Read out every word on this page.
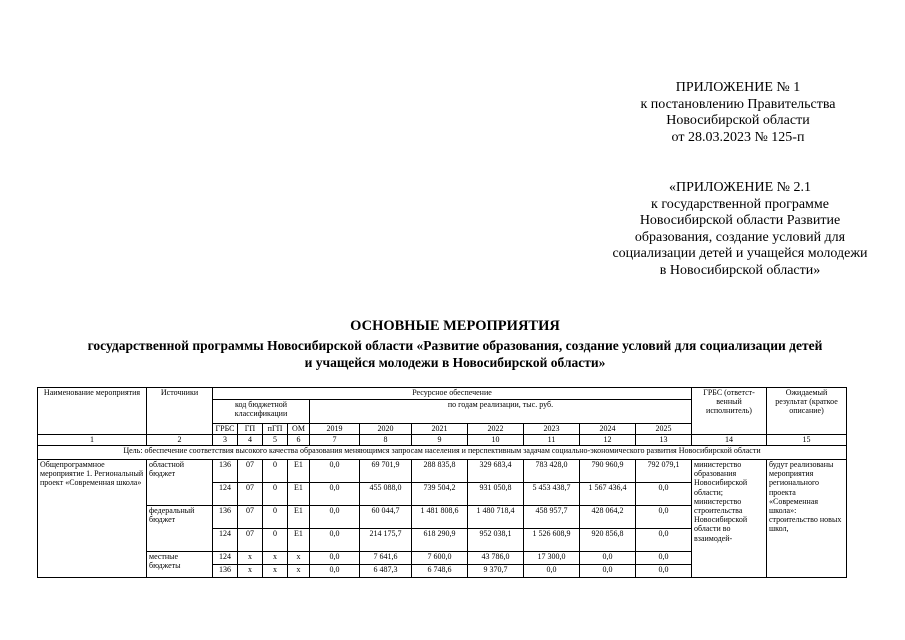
ПРИЛОЖЕНИЕ № 1
к постановлению Правительства
Новосибирской области
от 28.03.2023 № 125-п
«ПРИЛОЖЕНИЕ № 2.1
к государственной программе
Новосибирской области Развитие
образования, создание условий для
социализации детей и учащейся молодежи
в Новосибирской области»
ОСНОВНЫЕ МЕРОПРИЯТИЯ
государственной программы Новосибирской области «Развитие образования, создание условий для социализации детей
и учащейся молодежи в Новосибирской области»
Наименование мероприятия	Источники	Ресурсное обеспечение											ГРБС (ответст-венный исполнитель)	Ожидаемый результат (краткое описание)
		код бюджетной классификации				по годам реализации, тыс. руб.								
		ГРБС	ГП	пГП	ОМ	2019	2020	2021	2022	2023	2024	2025		
1	2	3	4	5	6	7	8	9	10	11	12	13	14	15
Цель: обеспечение соответствия высокого качества образования меняющимся запросам населения и перспективным задачам социально-экономического развития Новосибирской области														
Общепрограммное мероприятие 1. Региональный проект «Современная школа»	областной бюджет	136	07	0	E1	0,0	69 701,9	288 835,8	329 683,4	783 428,0	790 960,9	792 079,1	министерство образования Новосибирской области; министерство строительства Новосибирской области во взаимодей-	будут реализованы мероприятия регионального проекта «Современная школа»: строительство новых школ,
		124	07	0	E1	0,0	455 088,0	739 504,2	931 050,8	5 453 438,7	1 567 436,4	0,0		
	федеральный бюджет	136	07	0	E1	0,0	60 044,7	1 481 808,6	1 480 718,4	458 957,7	428 064,2	0,0		
		124	07	0	E1	0,0	214 175,7	618 290,9	952 038,1	1 526 608,9	920 856,8	0,0		
	местные бюджеты	124	x	x	x	0,0	7 641,6	7 600,0	43 786,0	17 300,0	0,0	0,0		
		136	x	x	x	0,0	6 487,3	6 748,6	9 370,7	0,0	0,0	0,0		
